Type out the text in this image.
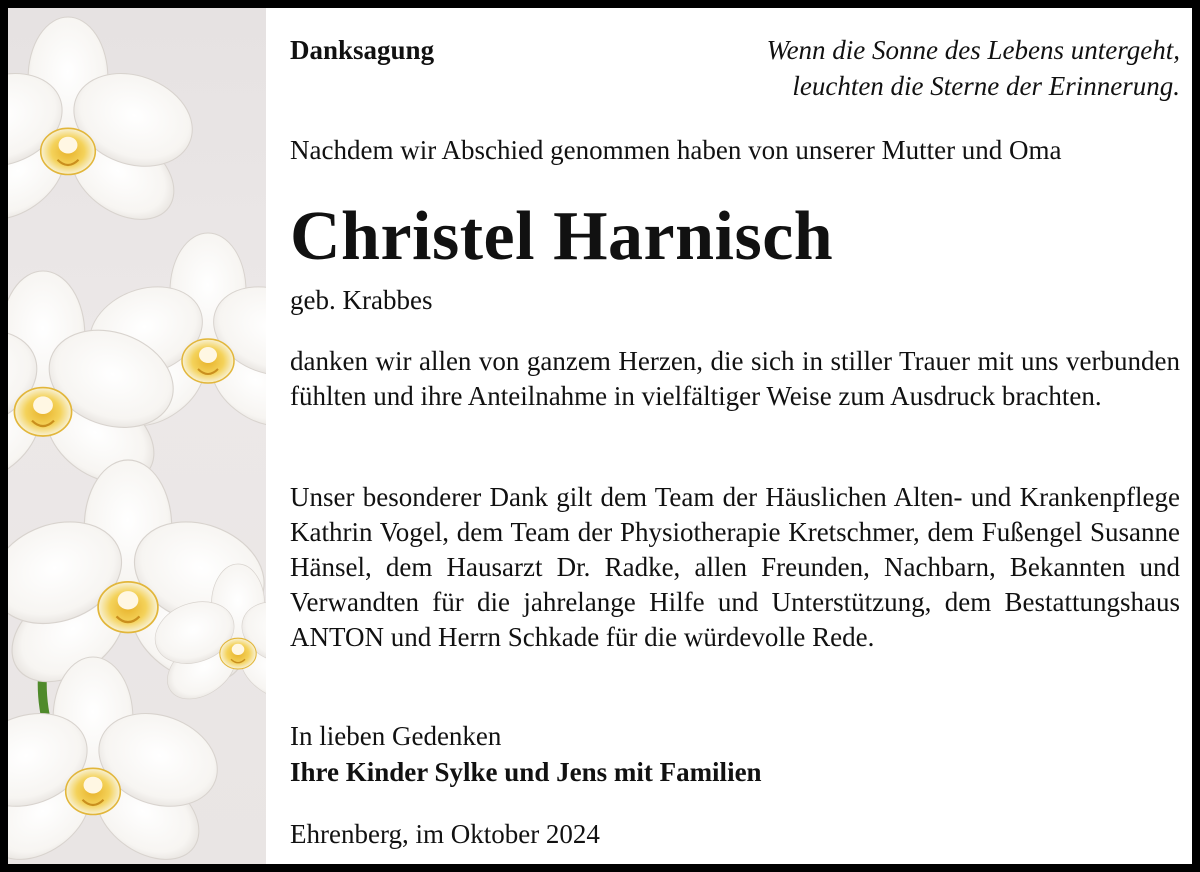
Danksagung	Wenn die Sonne des Lebens untergeht,
leuchten die Sterne der Erinnerung.
Nachdem wir Abschied genommen haben von unserer Mutter und Oma
Christel Harnisch
geb. Krabbes
danken wir allen von ganzem Herzen, die sich in stiller Trauer mit uns verbunden fühlten und ihre Anteilnahme in vielfältiger Weise zum Ausdruck brachten.
Unser besonderer Dank gilt dem Team der Häuslichen Alten- und Krankenpflege Kathrin Vogel, dem Team der Physiotherapie Kretschmer, dem Fußengel Susanne Hänsel, dem Hausarzt Dr. Radke, allen Freunden, Nachbarn, Bekannten und Verwandten für die jahrelange Hilfe und Unterstützung, dem Bestattungshaus ANTON und Herrn Schkade für die würdevolle Rede.
In lieben Gedenken
Ihre Kinder Sylke und Jens mit Familien
Ehrenberg, im Oktober 2024
